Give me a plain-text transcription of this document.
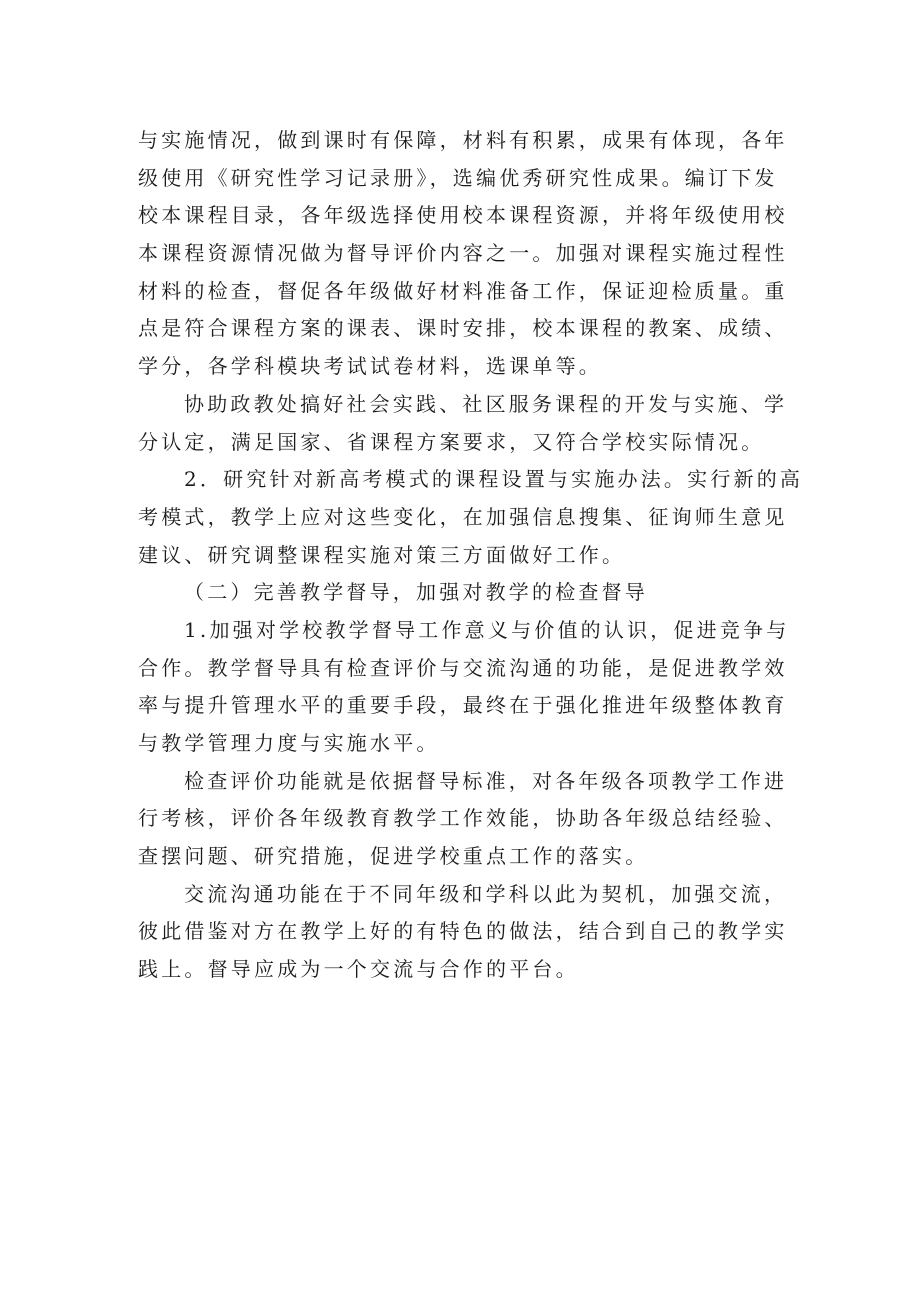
与实施情况，做到课时有保障，材料有积累，成果有体现，各年
级使用《研究性学习记录册》，选编优秀研究性成果。编订下发
校本课程目录，各年级选择使用校本课程资源，并将年级使用校
本课程资源情况做为督导评价内容之一。加强对课程实施过程性
材料的检查，督促各年级做好材料准备工作，保证迎检质量。重
点是符合课程方案的课表、课时安排，校本课程的教案、成绩、
学分，各学科模块考试试卷材料，选课单等。
协助政教处搞好社会实践、社区服务课程的开发与实施、学
分认定，满足国家、省课程方案要求，又符合学校实际情况。
2．研究针对新高考模式的课程设置与实施办法。实行新的高
考模式，教学上应对这些变化，在加强信息搜集、征询师生意见
建议、研究调整课程实施对策三方面做好工作。
（二）完善教学督导，加强对教学的检查督导
1.加强对学校教学督导工作意义与价值的认识，促进竞争与
合作。教学督导具有检查评价与交流沟通的功能，是促进教学效
率与提升管理水平的重要手段，最终在于强化推进年级整体教育
与教学管理力度与实施水平。
检查评价功能就是依据督导标准，对各年级各项教学工作进
行考核，评价各年级教育教学工作效能，协助各年级总结经验、
查摆问题、研究措施，促进学校重点工作的落实。
交流沟通功能在于不同年级和学科以此为契机，加强交流，
彼此借鉴对方在教学上好的有特色的做法，结合到自己的教学实
践上。督导应成为一个交流与合作的平台。
